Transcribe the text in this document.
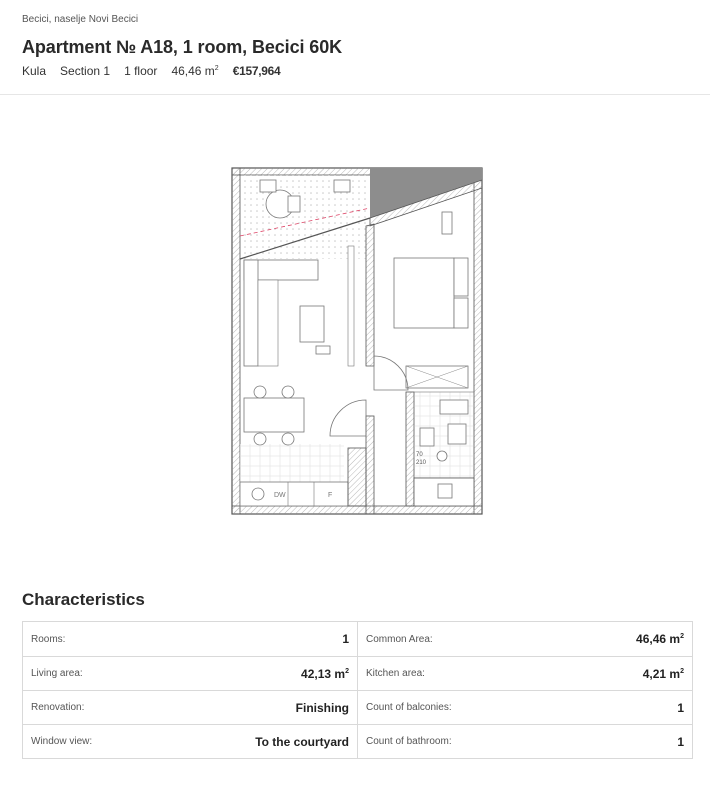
Becici, naselje Novi Becici
Apartment № A18, 1 room, Becici 60K
Kula Section 1 1 floor 46,46 $m^2$ €157,964
DW	F
70
210
Characteristics
Rooms:	1 Common Area:	46,46 $m^2$
Living area:	42,13 $m^2$ Kitchen area:	4,21 $m^2$
Renovation:	Finishing Count of balconies:	1
Window view:	To the courtyard Count of bathroom:	1
